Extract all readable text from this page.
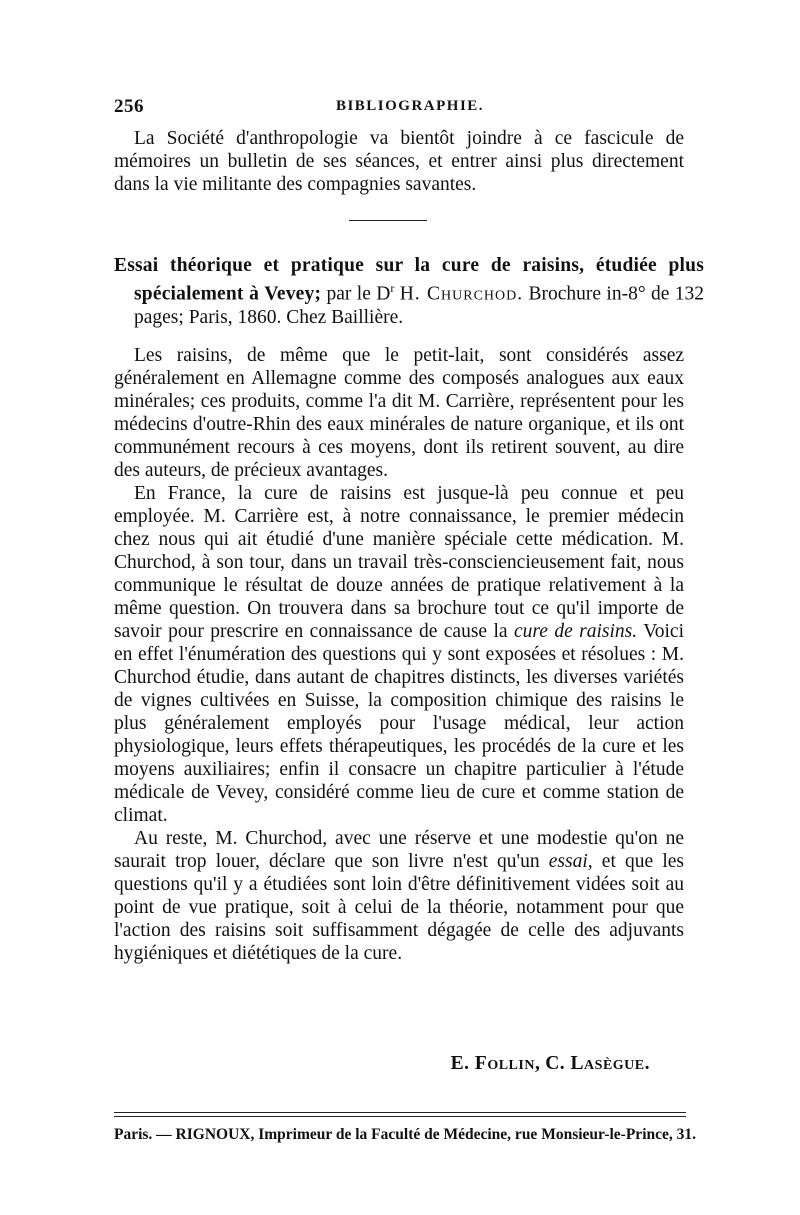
256	BIBLIOGRAPHIE.

La Société d'anthropologie va bientôt joindre à ce fascicule de mémoires un bulletin de ses séances, et entrer ainsi plus directement dans la vie militante des compagnies savantes.

Essai théorique et pratique sur la cure de raisins, étudiée plus spécialement à Vevey; par le $D^r$ H. Churchod. Brochure in-8° de 132 pages; Paris, 1860. Chez Baillière.

Les raisins, de même que le petit-lait, sont considérés assez généralement en Allemagne comme des composés analogues aux eaux minérales; ces produits, comme l'a dit M. Carrière, représentent pour les médecins d'outre-Rhin des eaux minérales de nature organique, et ils ont communément recours à ces moyens, dont ils retirent souvent, au dire des auteurs, de précieux avantages.

En France, la cure de raisins est jusque-là peu connue et peu employée. M. Carrière est, à notre connaissance, le premier médecin chez nous qui ait étudié d'une manière spéciale cette médication. M. Churchod, à son tour, dans un travail très-consciencieusement fait, nous communique le résultat de douze années de pratique relativement à la même question. On trouvera dans sa brochure tout ce qu'il importe de savoir pour prescrire en connaissance de cause la cure de raisins. Voici en effet l'énumération des questions qui y sont exposées et résolues : M. Churchod étudie, dans autant de chapitres distincts, les diverses variétés de vignes cultivées en Suisse, la composition chimique des raisins le plus généralement employés pour l'usage médical, leur action physiologique, leurs effets thérapeutiques, les procédés de la cure et les moyens auxiliaires; enfin il consacre un chapitre particulier à l'étude médicale de Vevey, considéré comme lieu de cure et comme station de climat.

Au reste, M. Churchod, avec une réserve et une modestie qu'on ne saurait trop louer, déclare que son livre n'est qu'un essai, et que les questions qu'il y a étudiées sont loin d'être définitivement vidées soit au point de vue pratique, soit à celui de la théorie, notamment pour que l'action des raisins soit suffisamment dégagée de celle des adjuvants hygiéniques et diététiques de la cure.

E. Follin, C. Lasègue.
Paris. — RIGNOUX, Imprimeur de la Faculté de Médecine, rue Monsieur-le-Prince, 31.
